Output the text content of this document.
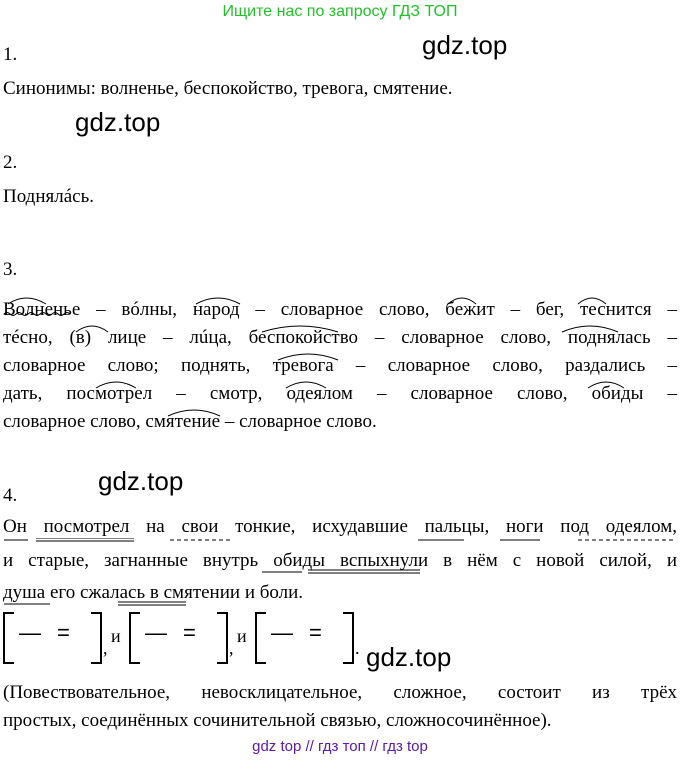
Ищите нас по запросу ГДЗ ТОП
gdz.top
gdz.top
gdz.top
gdz.top
1.
Синонимы: волненье, беспокойство, тревога, смятение.
2.
Поднялáсь.
3.
Волненье – вóлны, народ – словарное слово, бежит – бег, теснится –
тéсно, (в) лице – лúца, беспокойство – словарное слово, поднялась –
словарное слово; поднять, тревога – словарное слово, раздались –
дать, посмотрел – смотр, одеялом – словарное слово, обиды –
словарное слово, смятение – словарное слово.
4.
Он посмотрел на свои тонкие, исхудавшие пальцы, ноги под одеялом,
и старые, загнанные внутрь обиды вспыхнули в нём с новой силой, и
душа его сжалась в смятении и боли.
— =
,
и — =
,
и — =
.
(Повествовательное, невосклицательное, сложное, состоит из трёх
простых, соединённых сочинительной связью, сложносочинённое).
gdz top // гдз топ // гдз top
